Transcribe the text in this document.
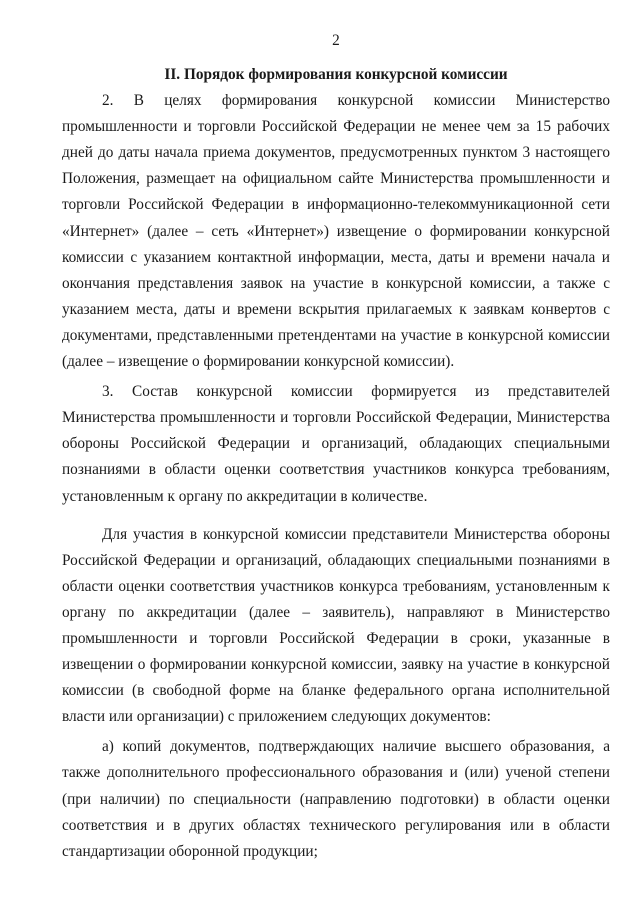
2
II. Порядок формирования конкурсной комиссии

2. В целях формирования конкурсной комиссии Министерство промышленности и торговли Российской Федерации не менее чем за 15 рабочих дней до даты начала приема документов, предусмотренных пунктом 3 настоящего Положения, размещает на официальном сайте Министерства промышленности и торговли Российской Федерации в информационно-телекоммуникационной сети «Интернет» (далее – сеть «Интернет») извещение о формировании конкурсной комиссии с указанием контактной информации, места, даты и времени начала и окончания представления заявок на участие в конкурсной комиссии, а также с указанием места, даты и времени вскрытия прилагаемых к заявкам конвертов с документами, представленными претендентами на участие в конкурсной комиссии (далее – извещение о формировании конкурсной комиссии).

3. Состав конкурсной комиссии формируется из представителей Министерства промышленности и торговли Российской Федерации, Министерства обороны Российской Федерации и организаций, обладающих специальными познаниями в области оценки соответствия участников конкурса требованиям, установленным к органу по аккредитации в количестве.

Для участия в конкурсной комиссии представители Министерства обороны Российской Федерации и организаций, обладающих специальными познаниями в области оценки соответствия участников конкурса требованиям, установленным к органу по аккредитации (далее – заявитель), направляют в Министерство промышленности и торговли Российской Федерации в сроки, указанные в извещении о формировании конкурсной комиссии, заявку на участие в конкурсной комиссии (в свободной форме на бланке федерального органа исполнительной власти или организации) с приложением следующих документов:

а) копий документов, подтверждающих наличие высшего образования, а также дополнительного профессионального образования и (или) ученой степени (при наличии) по специальности (направлению подготовки) в области оценки соответствия и в других областях технического регулирования или в области стандартизации оборонной продукции;
